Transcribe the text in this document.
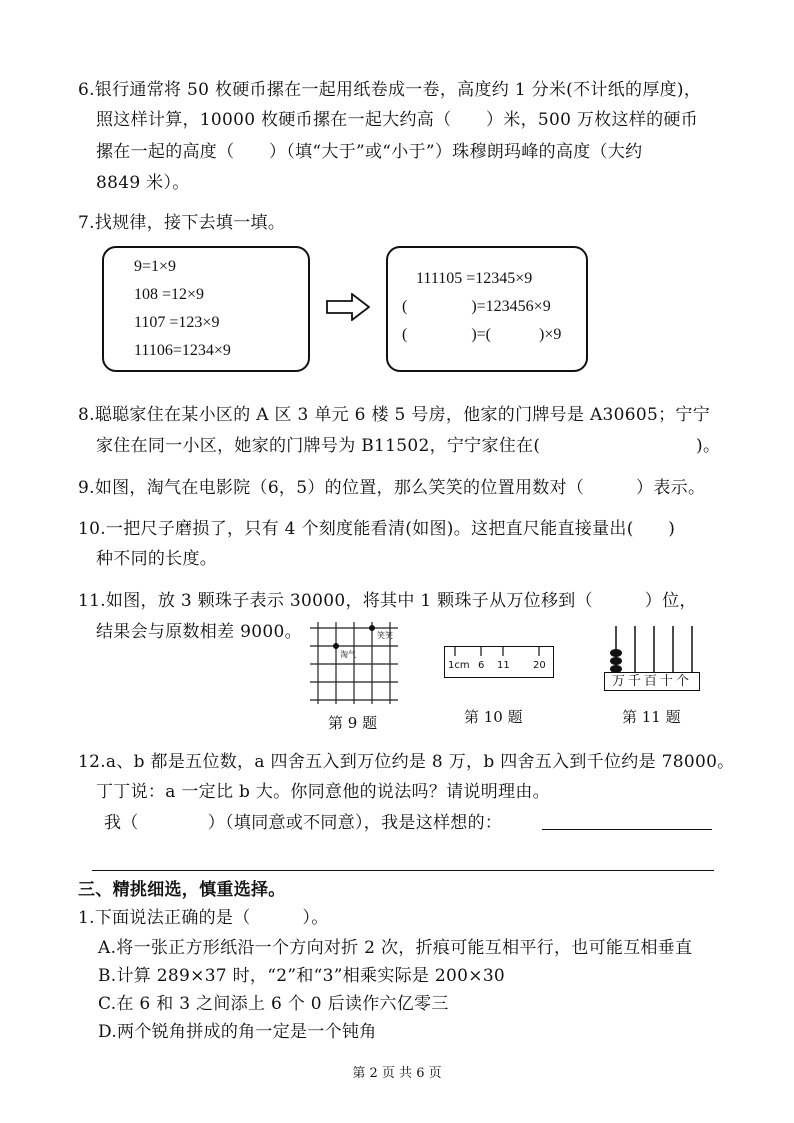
6.银行通常将 50 枚硬币摞在一起用纸卷成一卷，高度约 1 分米(不计纸的厚度)，
照这样计算，10000 枚硬币摞在一起大约高（　　）米，500 万枚这样的硬币
摞在一起的高度（　　）（填“大于”或“小于”）珠穆朗玛峰的高度（大约
8849 米）。
7.找规律，接下去填一填。
9=1×9
108 =12×9
1107 =123×9
11106=1234×9
111105 =12345×9
(　　　　)=123456×9
(　　　　)=(　　　)×9
8.聪聪家住在某小区的 A 区 3 单元 6 楼 5 号房，他家的门牌号是 A30605；宁宁
家住在同一小区，她家的门牌号为 B11502，宁宁家住在(　　　　　　　　　)。
9.如图，淘气在电影院（6，5）的位置，那么笑笑的位置用数对（　　　）表示。
10.一把尺子磨损了，只有 4 个刻度能看清(如图)。这把直尺能直接量出(　　)
种不同的长度。
11.如图，放 3 颗珠子表示 30000，将其中 1 颗珠子从万位移到（　　　）位，
结果会与原数相差 9000。
淘气
笑笑
1cm 6 11 20
万千百十个
第 9 题	第 10 题	第 11 题
12.a、b 都是五位数，a 四舍五入到万位约是 8 万，b 四舍五入到千位约是 78000。
丁丁说：a 一定比 b 大。你同意他的说法吗？请说明理由。
我（　　　　）（填同意或不同意），我是这样想的：
三、精挑细选，慎重选择。
1.下面说法正确的是（　　　）。
A.将一张正方形纸沿一个方向对折 2 次，折痕可能互相平行，也可能互相垂直
B.计算 289×37 时，“2”和“3”相乘实际是 200×30
C.在 6 和 3 之间添上 6 个 0 后读作六亿零三
D.两个锐角拼成的角一定是一个钝角
第 2 页 共 6 页
